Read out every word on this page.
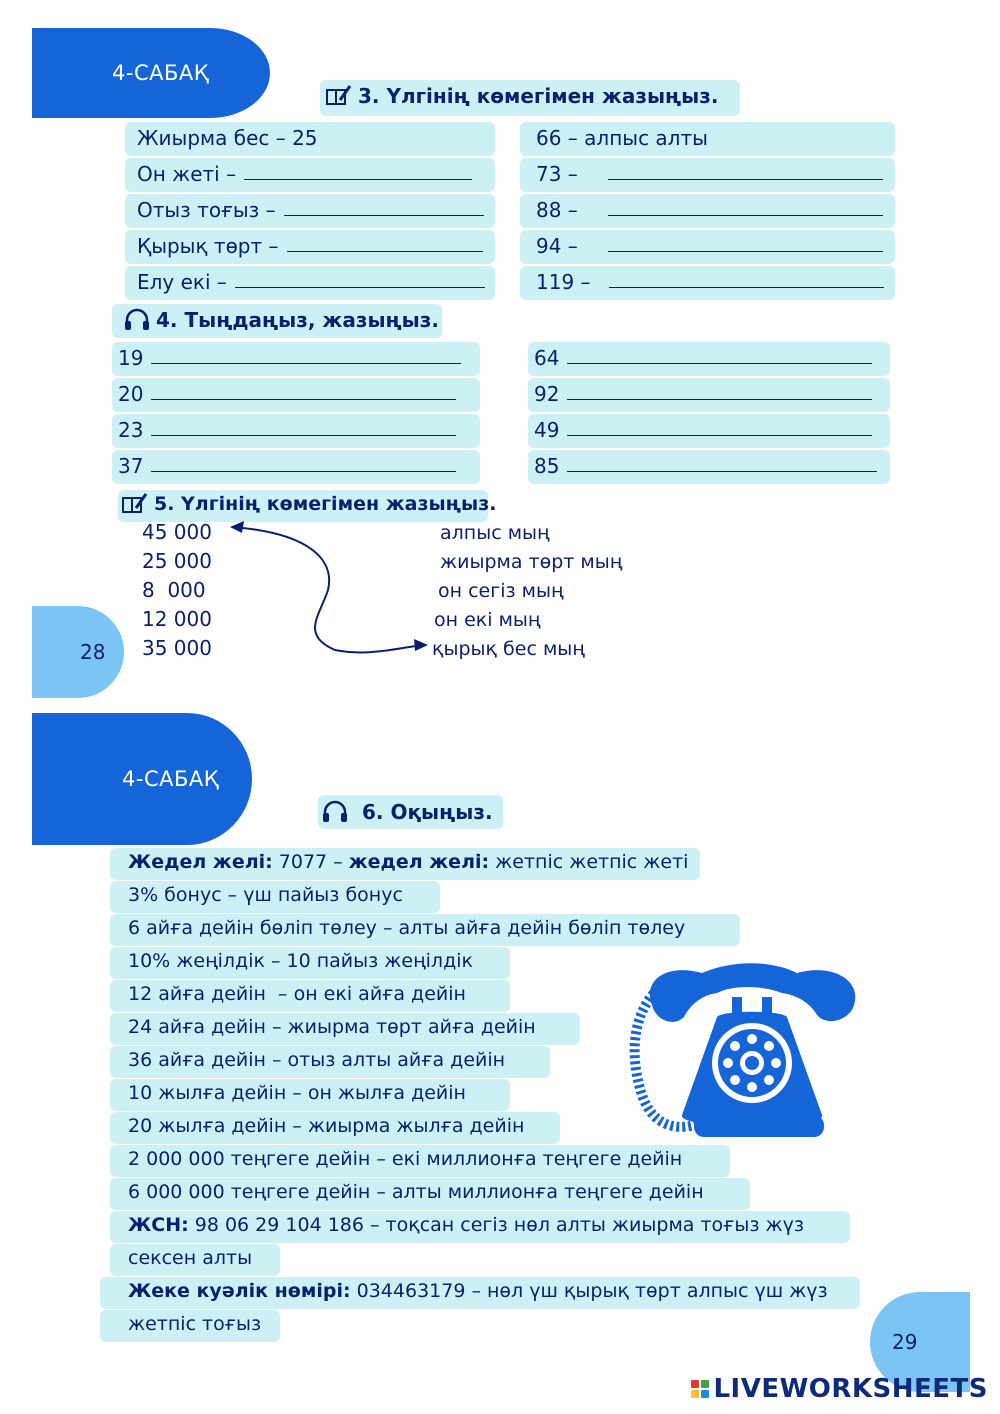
4-САБАҚ
28
3. Үлгінің көмегімен жазыңыз.
Жиырма бес – 25
Он жеті –
Отыз тоғыз –
Қырық төрт –
Елу екі –
66 – алпыс алты
73 –
88 –
94 –
119 –
4. Тыңдаңыз, жазыңыз.
19
20
23
37
64
92
49
85
5. Үлгінің көмегімен жазыңыз.
45 000
25 000
8  000
12 000
35 000
алпыс мың
жиырма төрт мың
он сегіз мың
он екі мың
қырық бес мың
4-САБАҚ
29
6. Оқыңыз.
Жедел желі: 7077 – жедел желі: жетпіс жетпіс жеті
3% бонус – үш пайыз бонус
6 айға дейін бөліп төлеу – алты айға дейін бөліп төлеу
10% жеңілдік – 10 пайыз жеңілдік
12 айға дейін  – он екі айға дейін
24 айға дейін – жиырма төрт айға дейін
36 айға дейін – отыз алты айға дейін
10 жылға дейін – он жылға дейін
20 жылға дейін – жиырма жылға дейін
2 000 000 теңгеге дейін – екі миллионға теңгеге дейін
6 000 000 теңгеге дейін – алты миллионға теңгеге дейін
ЖСН: 98 06 29 104 186 – тоқсан сегіз нөл алты жиырма тоғыз жүз
сексен алты
Жеке куәлік нөмірі: 034463179 – нөл үш қырық төрт алпыс үш жүз
жетпіс тоғыз
LIVEWORKSHEETS
